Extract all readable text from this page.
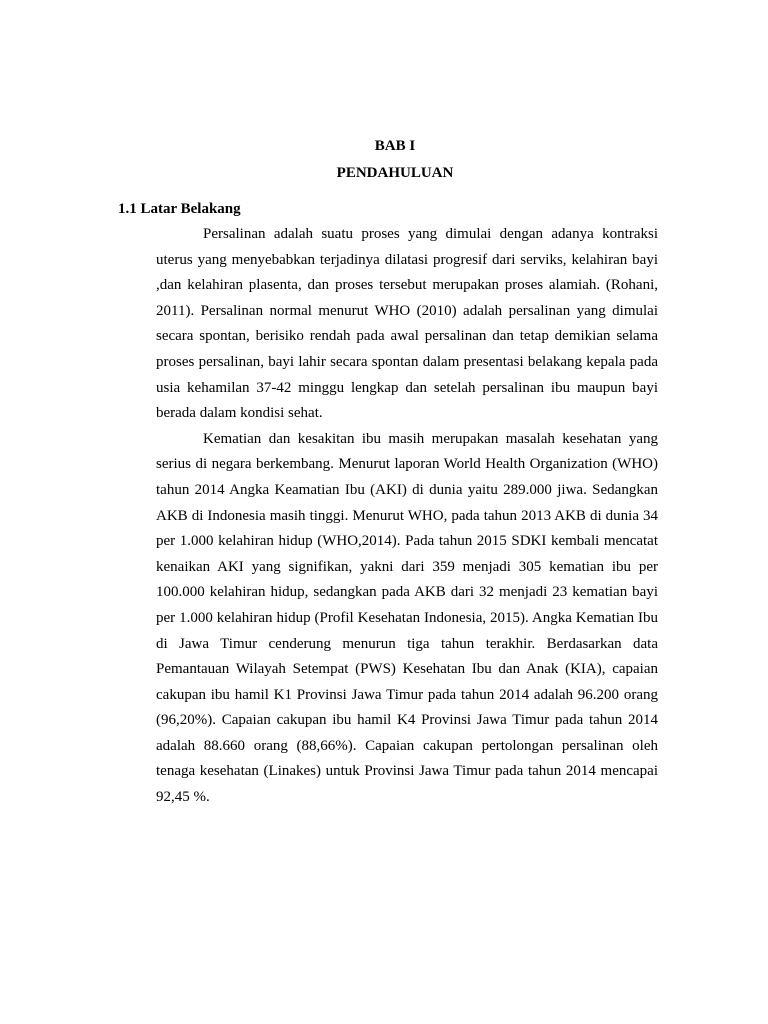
BAB I
PENDAHULUAN
1.1 Latar Belakang

Persalinan adalah suatu proses yang dimulai dengan adanya kontraksi uterus yang menyebabkan terjadinya dilatasi progresif dari serviks, kelahiran bayi ,dan kelahiran plasenta, dan proses tersebut merupakan proses alamiah. (Rohani, 2011). Persalinan normal menurut WHO (2010) adalah persalinan yang dimulai secara spontan, berisiko rendah pada awal persalinan dan tetap demikian selama proses persalinan, bayi lahir secara spontan dalam presentasi belakang kepala pada usia kehamilan 37-42 minggu lengkap dan setelah persalinan ibu maupun bayi berada dalam kondisi sehat.

Kematian dan kesakitan ibu masih merupakan masalah kesehatan yang serius di negara berkembang. Menurut laporan World Health Organization (WHO) tahun 2014 Angka Keamatian Ibu (AKI) di dunia yaitu 289.000 jiwa. Sedangkan AKB di Indonesia masih tinggi. Menurut WHO, pada tahun 2013 AKB di dunia 34 per 1.000 kelahiran hidup (WHO,2014). Pada tahun 2015 SDKI kembali mencatat kenaikan AKI yang signifikan, yakni dari 359 menjadi 305 kematian ibu per 100.000 kelahiran hidup, sedangkan pada AKB dari 32 menjadi 23 kematian bayi per 1.000 kelahiran hidup (Profil Kesehatan Indonesia, 2015). Angka Kematian Ibu di Jawa Timur cenderung menurun tiga tahun terakhir. Berdasarkan data Pemantauan Wilayah Setempat (PWS) Kesehatan Ibu dan Anak (KIA), capaian cakupan ibu hamil K1 Provinsi Jawa Timur pada tahun 2014 adalah 96.200 orang (96,20%). Capaian cakupan ibu hamil K4 Provinsi Jawa Timur pada tahun 2014 adalah 88.660 orang (88,66%). Capaian cakupan pertolongan persalinan oleh tenaga kesehatan (Linakes) untuk Provinsi Jawa Timur pada tahun 2014 mencapai 92,45 %.
